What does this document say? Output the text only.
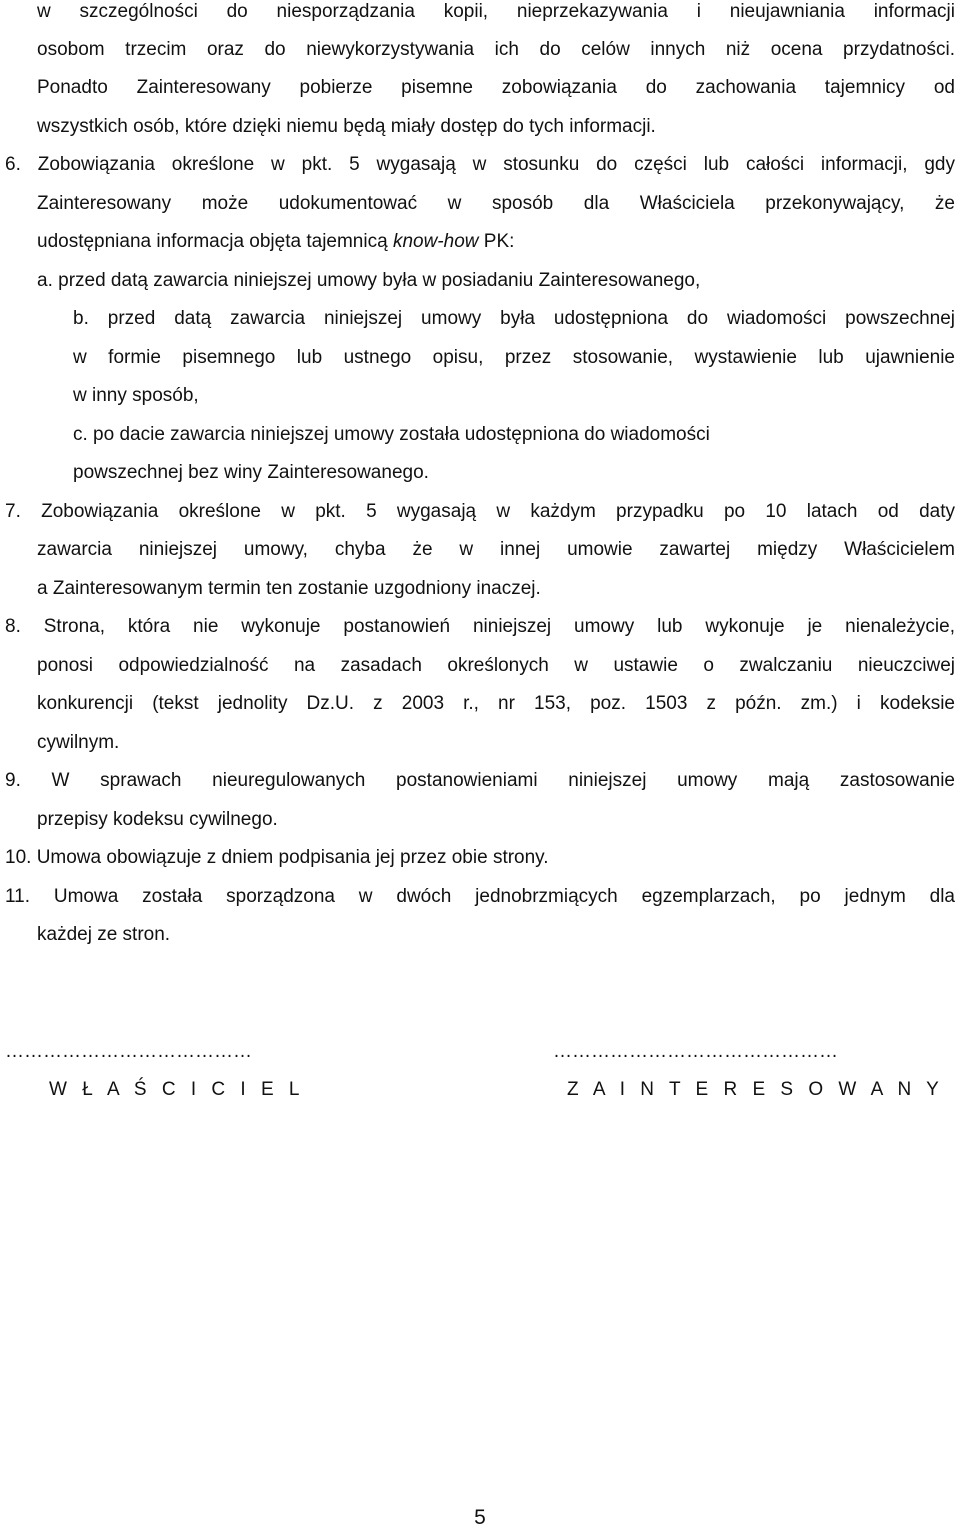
w szczególności do niesporządzania kopii, nieprzekazywania i nieujawniania informacji
osobom trzecim oraz do niewykorzystywania ich do celów innych niż ocena przydatności.
Ponadto Zainteresowany pobierze pisemne zobowiązania do zachowania tajemnicy od
wszystkich osób, które dzięki niemu będą miały dostęp do tych informacji.
6. Zobowiązania określone w pkt. 5 wygasają w stosunku do części lub całości informacji, gdy
Zainteresowany może udokumentować w sposób dla Właściciela przekonywający, że
udostępniana informacja objęta tajemnicą know-how PK:
a. przed datą zawarcia niniejszej umowy była w posiadaniu Zainteresowanego,
b. przed datą zawarcia niniejszej umowy była udostępniona do wiadomości powszechnej
w formie pisemnego lub ustnego opisu, przez stosowanie, wystawienie lub ujawnienie
w inny sposób,
c. po dacie zawarcia niniejszej umowy została udostępniona do wiadomości
powszechnej bez winy Zainteresowanego.
7. Zobowiązania określone w pkt. 5 wygasają w każdym przypadku po 10 latach od daty
zawarcia niniejszej umowy, chyba że w innej umowie zawartej między Właścicielem
a Zainteresowanym termin ten zostanie uzgodniony inaczej.
8. Strona, która nie wykonuje postanowień niniejszej umowy lub wykonuje je nienależycie,
ponosi odpowiedzialność na zasadach określonych w ustawie o zwalczaniu nieuczciwej
konkurencji (tekst jednolity Dz.U. z 2003 r., nr 153, poz. 1503 z późn. zm.) i kodeksie
cywilnym.
9. W sprawach nieuregulowanych postanowieniami niniejszej umowy mają zastosowanie
przepisy kodeksu cywilnego.
10. Umowa obowiązuje z dniem podpisania jej przez obie strony.
11. Umowa została sporządzona w dwóch jednobrzmiących egzemplarzach, po jednym dla
każdej ze stron.
…………………………………	………………………………………
W Ł A Ś C I C I E L	Z A I N T E R E S O W A N Y
5
